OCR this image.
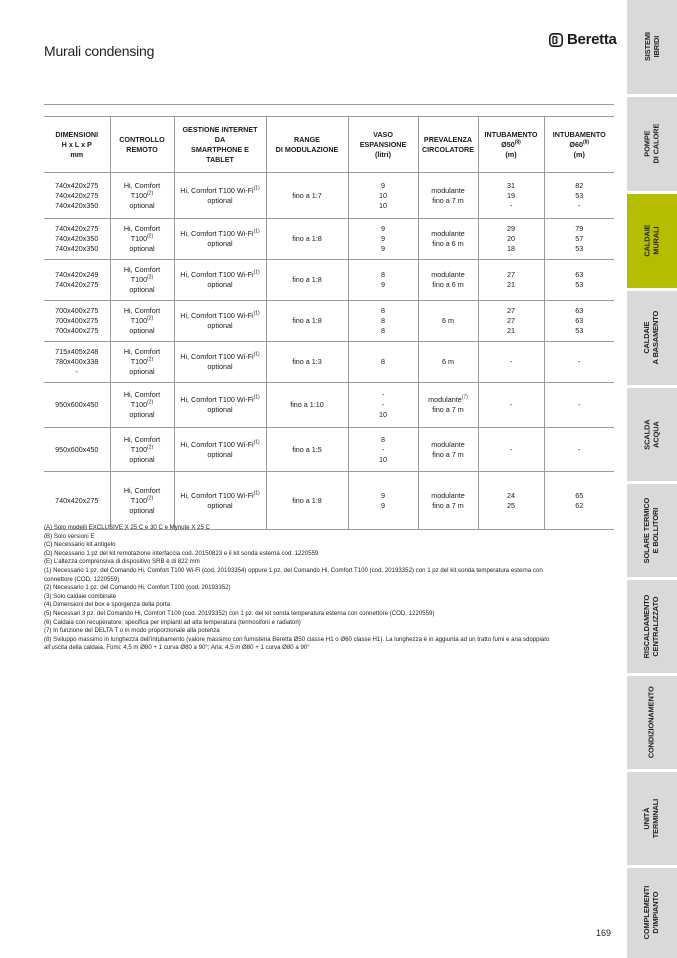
Murali condensing
Beretta
DIMENSIONI
H x L x P
mm	CONTROLLO
REMOTO	GESTIONE INTERNET DA
SMARTPHONE E TABLET	RANGE
DI MODULAZIONE	VASO
ESPANSIONE
(litri)	PREVALENZA
CIRCOLATORE	INTUBAMENTO
Ø50$^{(8)}$
(m)	INTUBAMENTO
Ø60$^{(8)}$
(m)

740x420x275
740x420x275
740x420x350	Hi, Comfort
T100$^{(2)}$
optional	Hi, Comfort T100 Wi-Fi$^{(1)}$
optional	fino a 1:7	9
10
10	modulante
fino a 7 m	31
19
-	82
53
-

740x420x275
740x420x350
740x420x350	Hi, Comfort
T100$^{(2)}$
optional	Hi, Comfort T100 Wi-Fi$^{(1)}$
optional	fino a 1:8	9
9
9	modulante
fino a 6 m	29
20
18	79
57
53

740x420x249
740x420x275	Hi, Comfort
T100$^{(2)}$
optional	Hi, Comfort T100 Wi-Fi$^{(1)}$
optional	fino a 1:8	8
9	modulante
fino a 6 m	27
21	63
53

700x400x275
700x400x275
700x400x275	Hi, Comfort
T100$^{(2)}$
optional	Hi, Comfort T100 Wi-Fi$^{(1)}$
optional	fino a 1:8	8
8
8	6 m	27
27
21	63
63
53

715x405x248
780x400x338
-	Hi, Comfort
T100$^{(2)}$
optional	Hi, Comfort T100 Wi-Fi$^{(1)}$
optional	fino a 1:3	8	6 m	-	-

950x600x450	Hi, Comfort
T100$^{(2)}$
optional	Hi, Comfort T100 Wi-Fi$^{(1)}$
optional	fino a 1:10	-
-
10	modulante$^{(7)}$
fino a 7 m	-	-

950x600x450	Hi, Comfort
T100$^{(2)}$
optional	Hi, Comfort T100 Wi-Fi$^{(1)}$
optional	fino a 1:5	8
-
10	modulante
fino a 7 m	-	-

740x420x275	Hi, Comfort
T100$^{(2)}$
optional	Hi, Comfort T100 Wi-Fi$^{(1)}$
optional	fino a 1:8	9
9	modulante
fino a 7 m	24
25	65
62
(A) Solo modelli EXCLUSIVE X 25 C e 30 C e Mynute X 25 C
(B) Solo versioni E
(C) Necessario kit antigelo
(D) Necessario 1 pz del kit remotazione interfaccia cod. 20150823 e il kit sonda esterna cod. 1220559
(E) L’altezza comprensiva di dispositivo SRB è di 822 mm
(1) Necessario 1 pz. del Comando Hi, Comfort T100 Wi-Fi (cod. 20193354) oppure 1 pz. del Comando Hi, Comfort T100 (cod. 20193352) con 1 pz del kit sonda temperatura esterna con
connettore (COD. 1220559)
(2) Necessario 1 pz. del Comando Hi, Comfort T100 (cod. 20193352)
(3) Solo caldaie combinate
(4) Dimensioni del box e sporgenza della porta
(5) Necessari 3 pz. del Comando Hi, Comfort T100 (cod. 20193352) con 1 pz. del kit sonda temperatura esterna con connettore (COD. 1220559)
(6) Caldaia con recuperatore: specifica per impianti ad alta temperatura (termosifoni e radiatori)
(7) In funzione del DELTA T o in modo proporzionale alla potenza
(8) Sviluppo massimo in lunghezza dell’intubamento (valore massimo con fumisteria Beretta Ø50 classe H1 o Ø60 classe H1). La lunghezza è in aggiunta ad un tratto fumi e aria sdoppiato
all’uscita della caldaia. Fumi: 4,5 m Ø80 + 1 curva Ø80 a 90°; Aria: 4,5 m Ø80 + 1 curva Ø80 a 90°
169
SISTEMI IBRIDI
POMPE DI CALORE
CALDAIE MURALI
CALDAIE A BASAMENTO
SCALDA ACQUA
SOLARE TERMICO E BOLLITORI
RISCALDAMENTO CENTRALIZZATO
CONDIZIONAMENTO
UNITÀ TERMINALI
COMPLEMENTI D'IMPIANTO
